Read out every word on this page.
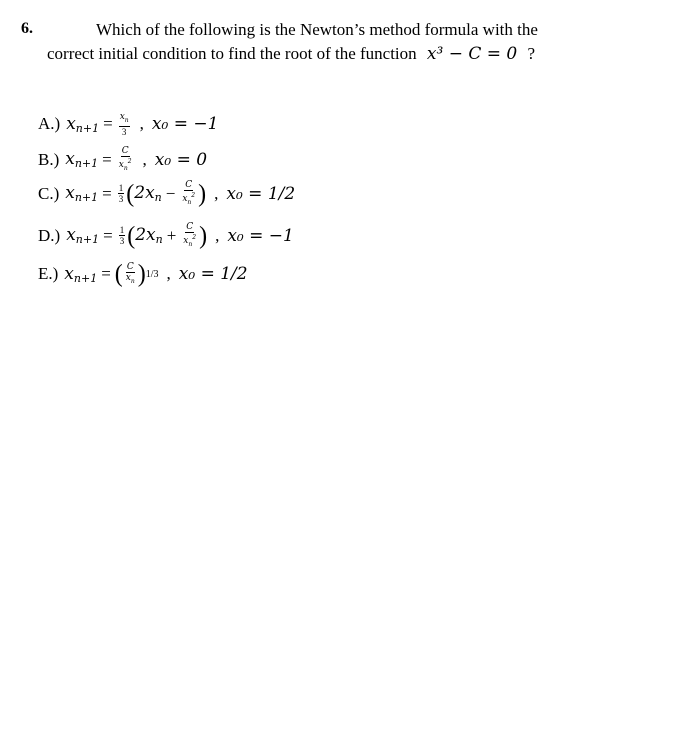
6.	Which of the following is the Newton’s method formula with the
correct initial condition to find the root of the function x³ − C = 0 ?
A.) $xn+1 = \frac{x_n}{3}$ , x₀ = −1
B.) $xn+1 = \frac{C}{x_n^2}$ , x₀ = 0
C.) $xn+1 = \frac{1}{3}$ ( $2xn - \frac{C}{x_n^2}$ ) , x₀ = 1/2
D.) $xn+1 = \frac{1}{3}$ ( $2xn + \frac{C}{x_n^2}$ ) , x₀ = −1
E.) xn+1 = ( C
$x_n$ ) 1/3 , x₀ = 1/2
